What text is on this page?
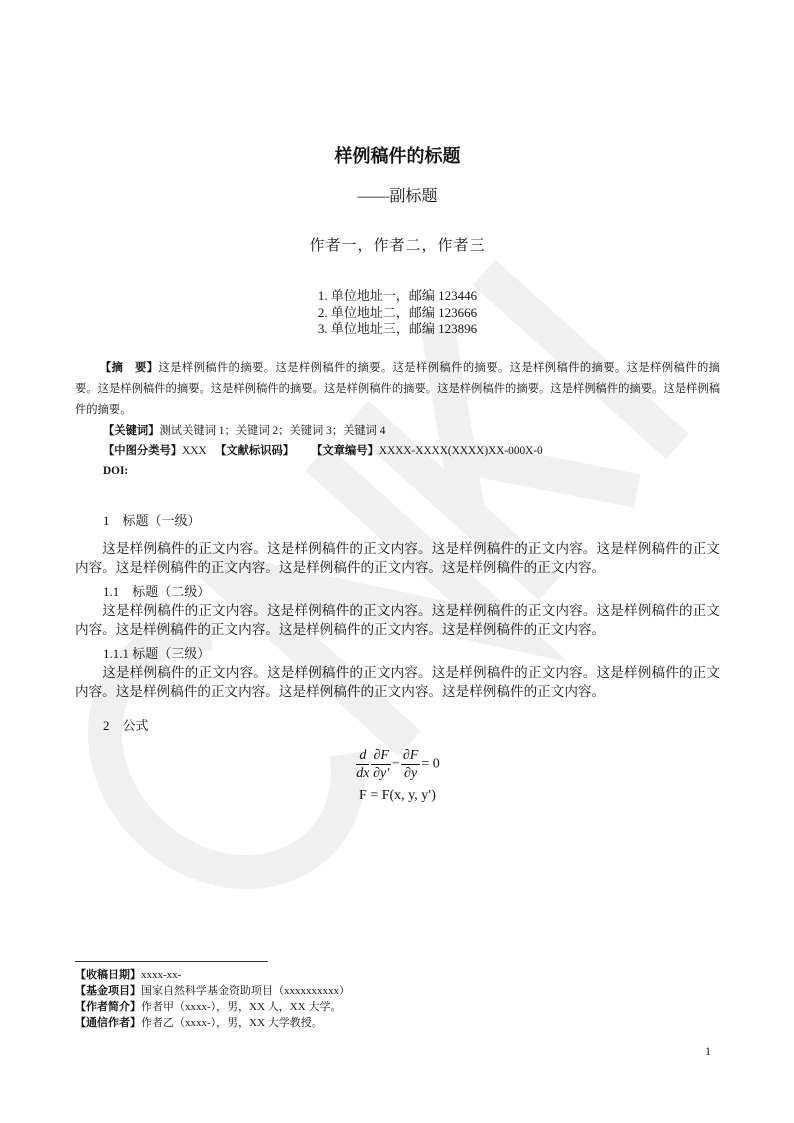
样例稿件的标题
——副标题
作者一，作者二，作者三
1. 单位地址一，邮编 123446
2. 单位地址二，邮编 123666
3. 单位地址三，邮编 123896
【摘　要】这是样例稿件的摘要。这是样例稿件的摘要。这是样例稿件的摘要。这是样例稿件的摘要。这是样例稿件的摘要。这是样例稿件的摘要。这是样例稿件的摘要。这是样例稿件的摘要。这是样例稿件的摘要。这是样例稿件的摘要。这是样例稿件的摘要。
【关键词】测试关键词 1；关键词 2；关键词 3；关键词 4
【中图分类号】XXX 【文献标识码】 【文章编号】XXXX-XXXX(XXXX)XX-000X-0
DOI:
1　标题（一级）
这是样例稿件的正文内容。这是样例稿件的正文内容。这是样例稿件的正文内容。这是样例稿件的正文内容。这是样例稿件的正文内容。这是样例稿件的正文内容。这是样例稿件的正文内容。
1.1　标题（二级）
这是样例稿件的正文内容。这是样例稿件的正文内容。这是样例稿件的正文内容。这是样例稿件的正文内容。这是样例稿件的正文内容。这是样例稿件的正文内容。这是样例稿件的正文内容。
1.1.1 标题（三级）
这是样例稿件的正文内容。这是样例稿件的正文内容。这是样例稿件的正文内容。这是样例稿件的正文内容。这是样例稿件的正文内容。这是样例稿件的正文内容。这是样例稿件的正文内容。
2　公式
$\frac{d}{dx} \frac{\partial F}{\partial y'} - \frac{\partial F}{\partial y} = 0$
F = F(x, y, y′)
【收稿日期】xxxx-xx-
【基金项目】国家自然科学基金资助项目（xxxxxxxxxx）
【作者简介】作者甲（xxxx-），男，XX 人，XX 大学。
【通信作者】作者乙（xxxx-），男，XX 大学教授。
1
